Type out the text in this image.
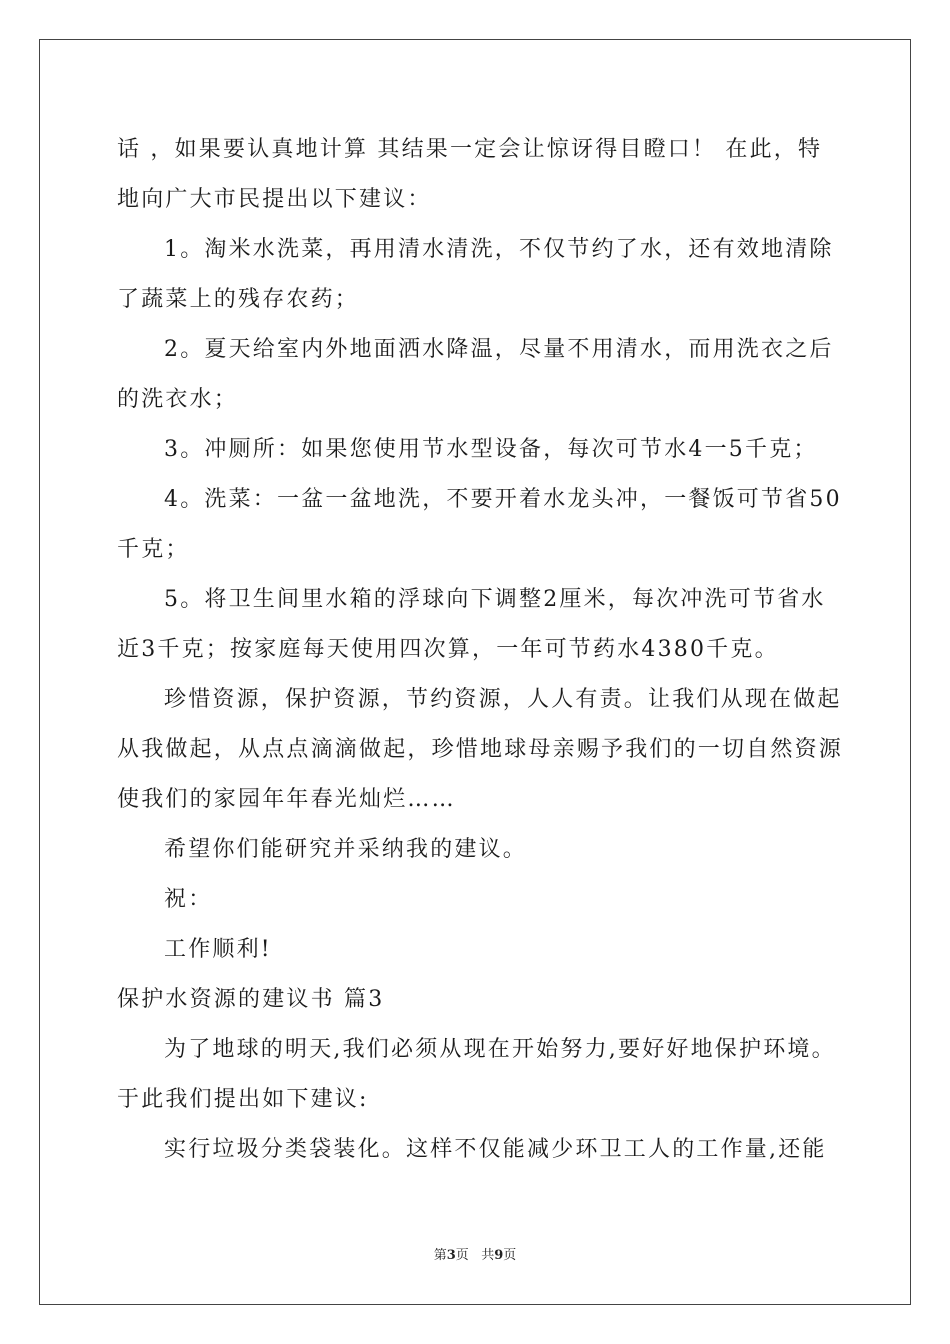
话 ，如果要认真地计算 其结果一定会让惊讶得目瞪口！ 在此，特
地向广大市民提出以下建议：
1。淘米水洗菜，再用清水清洗，不仅节约了水，还有效地清除
了蔬菜上的残存农药；
2。夏天给室内外地面洒水降温，尽量不用清水，而用洗衣之后
的洗衣水；
3。冲厕所：如果您使用节水型设备，每次可节水4一5千克；
4。洗菜：一盆一盆地洗，不要开着水龙头冲，一餐饭可节省50
千克；
5。将卫生间里水箱的浮球向下调整2厘米，每次冲洗可节省水
近3千克；按家庭每天使用四次算，一年可节药水4380千克。
珍惜资源，保护资源，节约资源，人人有责。让我们从现在做起
从我做起，从点点滴滴做起，珍惜地球母亲赐予我们的一切自然资源
使我们的家园年年春光灿烂……
希望你们能研究并采纳我的建议。
祝：
工作顺利!
保护水资源的建议书 篇3
为了地球的明天,我们必须从现在开始努力,要好好地保护环境。
于此我们提出如下建议:
实行垃圾分类袋装化。这样不仅能减少环卫工人的工作量,还能
第3页 共9页
